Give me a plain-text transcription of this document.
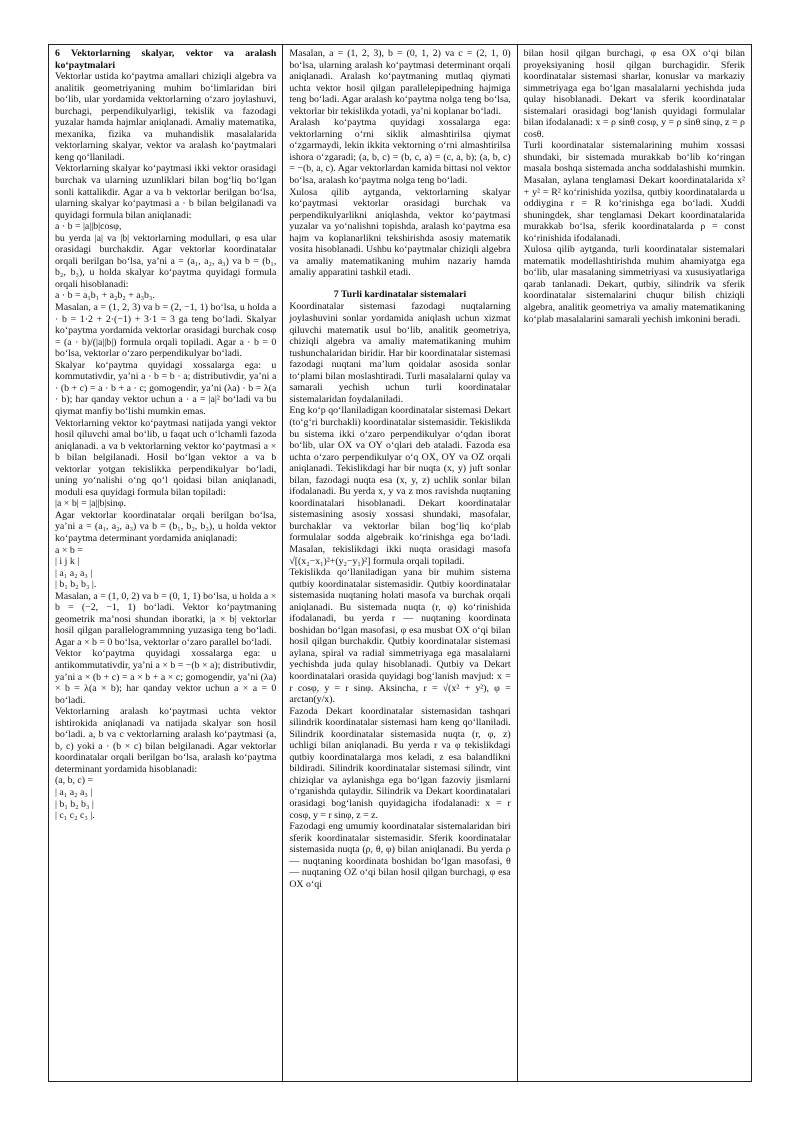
6 Vektorlarning skalyar, vektor va aralash ko‘paytmalari

Vektorlar ustida ko‘paytma amallari chiziqli algebra va analitik geometriyaning muhim bo‘limlaridan biri bo‘lib, ular yordamida vektorlarning o‘zaro joylashuvi, burchagi, perpendikulyarligi, tekislik va fazodagi yuzalar hamda hajmlar aniqlanadi. Amaliy matematika, mexanika, fizika va muhandislik masalalarida vektorlarning skalyar, vektor va aralash ko‘paytmalari keng qo‘llaniladi.

Vektorlarning skalyar ko‘paytmasi ikki vektor orasidagi burchak va ularning uzunliklari bilan bog‘liq bo‘lgan sonli kattalikdir. Agar a va b vektorlar berilgan bo‘lsa, ularning skalyar ko‘paytmasi a · b bilan belgilanadi va quyidagi formula bilan aniqlanadi:

a · b = |a||b|cosφ,

bu yerda |a| va |b| vektorlarning modullari, φ esa ular orasidagi burchakdir. Agar vektorlar koordinatalar orqali berilgan bo‘lsa, ya’ni a = (a₁, a₂, a₃) va b = (b₁, b₂, b₃), u holda skalyar ko‘paytma quyidagi formula orqali hisoblanadi:

a · b = a₁b₁ + a₂b₂ + a₃b₃.

Masalan, a = (1, 2, 3) va b = (2, −1, 1) bo‘lsa, u holda a · b = 1·2 + 2·(−1) + 3·1 = 3 ga teng bo‘ladi. Skalyar ko‘paytma yordamida vektorlar orasidagi burchak cosφ = (a · b)/(|a||b|) formula orqali topiladi. Agar a · b = 0 bo‘lsa, vektorlar o‘zaro perpendikulyar bo‘ladi.

Skalyar ko‘paytma quyidagi xossalarga ega: u kommutativdir, ya’ni a · b = b · a; distributivdir, ya’ni a · (b + c) = a · b + a · c; gomogendir, ya’ni (λa) · b = λ(a · b); har qanday vektor uchun a · a = |a|² bo‘ladi va bu qiymat manfiy bo‘lishi mumkin emas.

Vektorlarning vektor ko‘paytmasi natijada yangi vektor hosil qiluvchi amal bo‘lib, u faqat uch o‘lchamli fazoda aniqlanadi. a va b vektorlarning vektor ko‘paytmasi a × b bilan belgilanadi. Hosil bo‘lgan vektor a va b vektorlar yotgan tekislikka perpendikulyar bo‘ladi, uning yo‘nalishi o‘ng qo‘l qoidasi bilan aniqlanadi, moduli esa quyidagi formula bilan topiladi:

|a × b| = |a||b|sinφ.

Agar vektorlar koordinatalar orqali berilgan bo‘lsa, ya’ni a = (a₁, a₂, a₃) va b = (b₁, b₂, b₃), u holda vektor ko‘paytma determinant yordamida aniqlanadi:

a × b =

| i j k |

| a₁ a₂ a₃ |

| b₁ b₂ b₃ |.

Masalan, a = (1, 0, 2) va b = (0, 1, 1) bo‘lsa, u holda a × b = (−2, −1, 1) bo‘ladi. Vektor ko‘paytmaning geometrik ma’nosi shundan iboratki, |a × b| vektorlar hosil qilgan parallelogrammning yuzasiga teng bo‘ladi. Agar a × b = 0 bo‘lsa, vektorlar o‘zaro parallel bo‘ladi.

Vektor ko‘paytma quyidagi xossalarga ega: u antikommutativdir, ya’ni a × b = −(b × a); distributivdir, ya’ni a × (b + c) = a × b + a × c; gomogendir, ya’ni (λa) × b = λ(a × b); har qanday vektor uchun a × a = 0 bo‘ladi.

Vektorlarning aralash ko‘paytmasi uchta vektor ishtirokida aniqlanadi va natijada skalyar son hosil bo‘ladi. a, b va c vektorlarning aralash ko‘paytmasi (a, b, c) yoki a · (b × c) bilan belgilanadi. Agar vektorlar koordinatalar orqali berilgan bo‘lsa, aralash ko‘paytma determinant yordamida hisoblanadi:

(a, b, c) =

| a₁ a₂ a₃ |

| b₁ b₂ b₃ |

| c₁ c₂ c₃ |.

Masalan, a = (1, 2, 3), b = (0, 1, 2) va c = (2, 1, 0) bo‘lsa, ularning aralash ko‘paytmasi determinant orqali aniqlanadi. Aralash ko‘paytmaning mutlaq qiymati uchta vektor hosil qilgan parallelepipedning hajmiga teng bo‘ladi. Agar aralash ko‘paytma nolga teng bo‘lsa, vektorlar bir tekislikda yotadi, ya’ni koplanar bo‘ladi.

Aralash ko‘paytma quyidagi xossalarga ega: vektorlarning o‘rni siklik almashtirilsa qiymat o‘zgarmaydi, lekin ikkita vektorning o‘rni almashtirilsa ishora o‘zgaradi; (a, b, c) = (b, c, a) = (c, a, b); (a, b, c) = −(b, a, c). Agar vektorlardan kamida bittasi nol vektor bo‘lsa, aralash ko‘paytma nolga teng bo‘ladi.

Xulosa qilib aytganda, vektorlarning skalyar ko‘paytmasi vektorlar orasidagi burchak va perpendikulyarlikni aniqlashda, vektor ko‘paytmasi yuzalar va yo‘nalishni topishda, aralash ko‘paytma esa hajm va koplanarlikni tekshirishda asosiy matematik vosita hisoblanadi. Ushbu ko‘paytmalar chiziqli algebra va amaliy matematikaning muhim nazariy hamda amaliy apparatini tashkil etadi.

7 Turli kardinatalar sistemalari

Koordinatalar sistemasi fazodagi nuqtalarning joylashuvini sonlar yordamida aniqlash uchun xizmat qiluvchi matematik usul bo‘lib, analitik geometriya, chiziqli algebra va amaliy matematikaning muhim tushunchalaridan biridir. Har bir koordinatalar sistemasi fazodagi nuqtani ma’lum qoidalar asosida sonlar to‘plami bilan moslashtiradi. Turli masalalarni qulay va samarali yechish uchun turli koordinatalar sistemalaridan foydalaniladi.

Eng ko‘p qo‘llaniladigan koordinatalar sistemasi Dekart (to‘g‘ri burchakli) koordinatalar sistemasidir. Tekislikda bu sistema ikki o‘zaro perpendikulyar o‘qdan iborat bo‘lib, ular OX va OY o‘qlari deb ataladi. Fazoda esa uchta o‘zaro perpendikulyar o‘q OX, OY va OZ orqali aniqlanadi. Tekislikdagi har bir nuqta (x, y) juft sonlar bilan, fazodagi nuqta esa (x, y, z) uchlik sonlar bilan ifodalanadi. Bu yerda x, y va z mos ravishda nuqtaning koordinatalari hisoblanadi. Dekart koordinatalar sistemasining asosiy xossasi shundaki, masofalar, burchaklar va vektorlar bilan bog‘liq ko‘plab formulalar sodda algebraik ko‘rinishga ega bo‘ladi. Masalan, tekislikdagi ikki nuqta orasidagi masofa √[(x₂−x₁)²+(y₂−y₁)²] formula orqali topiladi.

Tekislikda qo‘llaniladigan yana bir muhim sistema qutbiy koordinatalar sistemasidir. Qutbiy koordinatalar sistemasida nuqtaning holati masofa va burchak orqali aniqlanadi. Bu sistemada nuqta (r, φ) ko‘rinishida ifodalanadi, bu yerda r — nuqtaning koordinata boshidan bo‘lgan masofasi, φ esa musbat OX o‘qi bilan hosil qilgan burchakdir. Qutbiy koordinatalar sistemasi aylana, spiral va radial simmetriyaga ega masalalarni yechishda juda qulay hisoblanadi. Qutbiy va Dekart koordinatalari orasida quyidagi bog‘lanish mavjud: x = r cosφ, y = r sinφ. Aksincha, r = √(x² + y²), φ = arctan(y/x).

Fazoda Dekart koordinatalar sistemasidan tashqari silindrik koordinatalar sistemasi ham keng qo‘llaniladi. Silindrik koordinatalar sistemasida nuqta (r, φ, z) uchligi bilan aniqlanadi. Bu yerda r va φ tekislikdagi qutbiy koordinatalarga mos keladi, z esa balandlikni bildiradi. Silindrik koordinatalar sistemasi silindr, vint chiziqlar va aylanishga ega bo‘lgan fazoviy jismlarni o‘rganishda qulaydir. Silindrik va Dekart koordinatalari orasidagi bog‘lanish quyidagicha ifodalanadi: x = r cosφ, y = r sinφ, z = z.

Fazodagi eng umumiy koordinatalar sistemalaridan biri sferik koordinatalar sistemasidir. Sferik koordinatalar sistemasida nuqta (ρ, θ, φ) bilan aniqlanadi. Bu yerda ρ — nuqtaning koordinata boshidan bo‘lgan masofasi, θ — nuqtaning OZ o‘qi bilan hosil qilgan burchagi, φ esa OX o‘qi

bilan hosil qilgan burchagi, φ esa OX o‘qi bilan proyeksiyaning hosil qilgan burchagidir. Sferik koordinatalar sistemasi sharlar, konuslar va markaziy simmetriyaga ega bo‘lgan masalalarni yechishda juda qulay hisoblanadi. Dekart va sferik koordinatalar sistemalari orasidagi bog‘lanish quyidagi formulalar bilan ifodalanadi: x = ρ sinθ cosφ, y = ρ sinθ sinφ, z = ρ cosθ.

Turli koordinatalar sistemalarining muhim xossasi shundaki, bir sistemada murakkab bo‘lib ko‘ringan masala boshqa sistemada ancha soddalashishi mumkin. Masalan, aylana tenglamasi Dekart koordinatalarida x² + y² = R² ko‘rinishida yozilsa, qutbiy koordinatalarda u oddiygina r = R ko‘rinishga ega bo‘ladi. Xuddi shuningdek, shar tenglamasi Dekart koordinatalarida murakkab bo‘lsa, sferik koordinatalarda ρ = const ko‘rinishida ifodalanadi.

Xulosa qilib aytganda, turli koordinatalar sistemalari matematik modellashtirishda muhim ahamiyatga ega bo‘lib, ular masalaning simmetriyasi va xususiyatlariga qarab tanlanadi. Dekart, qutbiy, silindrik va sferik koordinatalar sistemalarini chuqur bilish chiziqli algebra, analitik geometriya va amaliy matematikaning ko‘plab masalalarini samarali yechish imkonini beradi.
